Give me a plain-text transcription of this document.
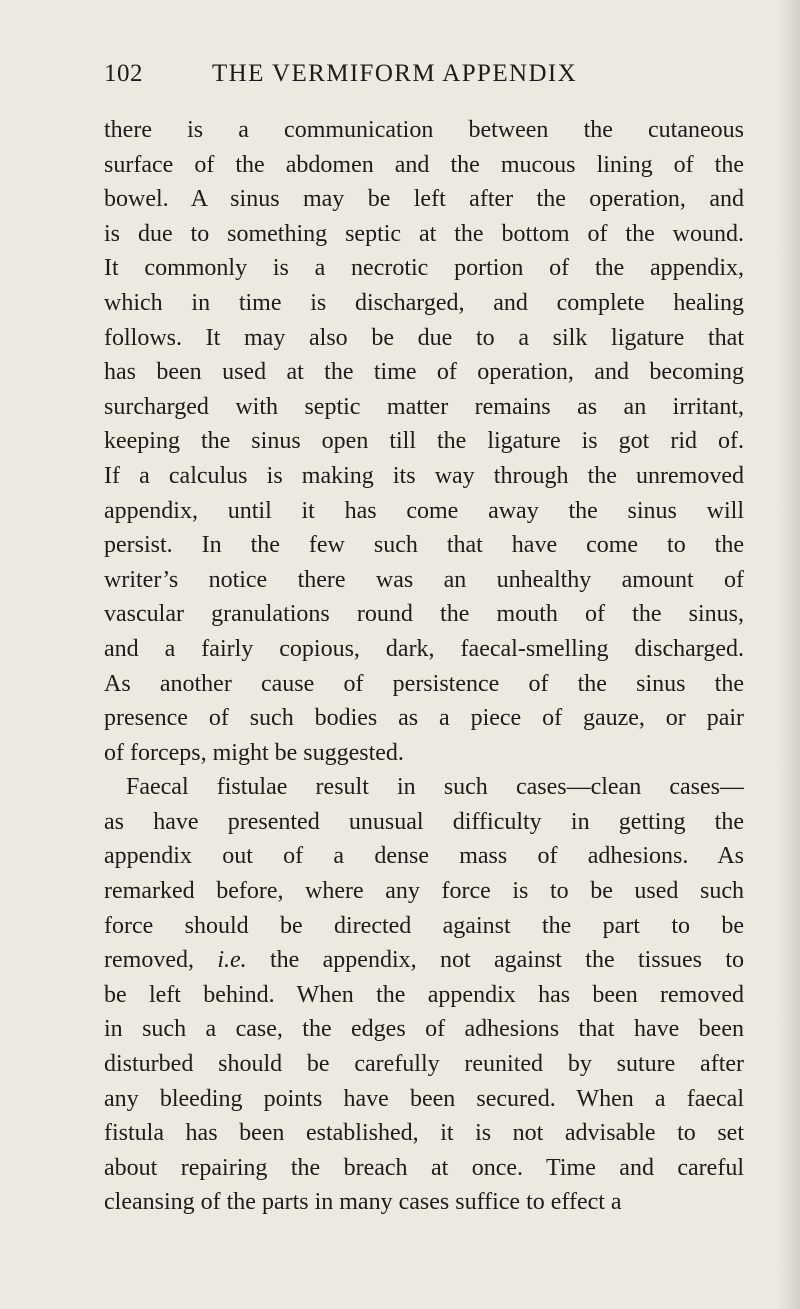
102	THE VERMIFORM APPENDIX
there is a communication between the cutaneous
surface of the abdomen and the mucous lining of the
bowel. A sinus may be left after the operation, and
is due to something septic at the bottom of the wound.
It commonly is a necrotic portion of the appendix,
which in time is discharged, and complete healing
follows. It may also be due to a silk ligature that
has been used at the time of operation, and becoming
surcharged with septic matter remains as an irritant,
keeping the sinus open till the ligature is got rid of.
If a calculus is making its way through the unremoved
appendix, until it has come away the sinus will
persist. In the few such that have come to the
writer’s notice there was an unhealthy amount of
vascular granulations round the mouth of the sinus,
and a fairly copious, dark, faecal-smelling discharged.
As another cause of persistence of the sinus the
presence of such bodies as a piece of gauze, or pair
of forceps, might be suggested.
Faecal fistulae result in such cases—clean cases—
as have presented unusual difficulty in getting the
appendix out of a dense mass of adhesions. As
remarked before, where any force is to be used such
force should be directed against the part to be
removed, i.e. the appendix, not against the tissues to
be left behind. When the appendix has been removed
in such a case, the edges of adhesions that have been
disturbed should be carefully reunited by suture after
any bleeding points have been secured. When a faecal
fistula has been established, it is not advisable to set
about repairing the breach at once. Time and careful
cleansing of the parts in many cases suffice to effect a
